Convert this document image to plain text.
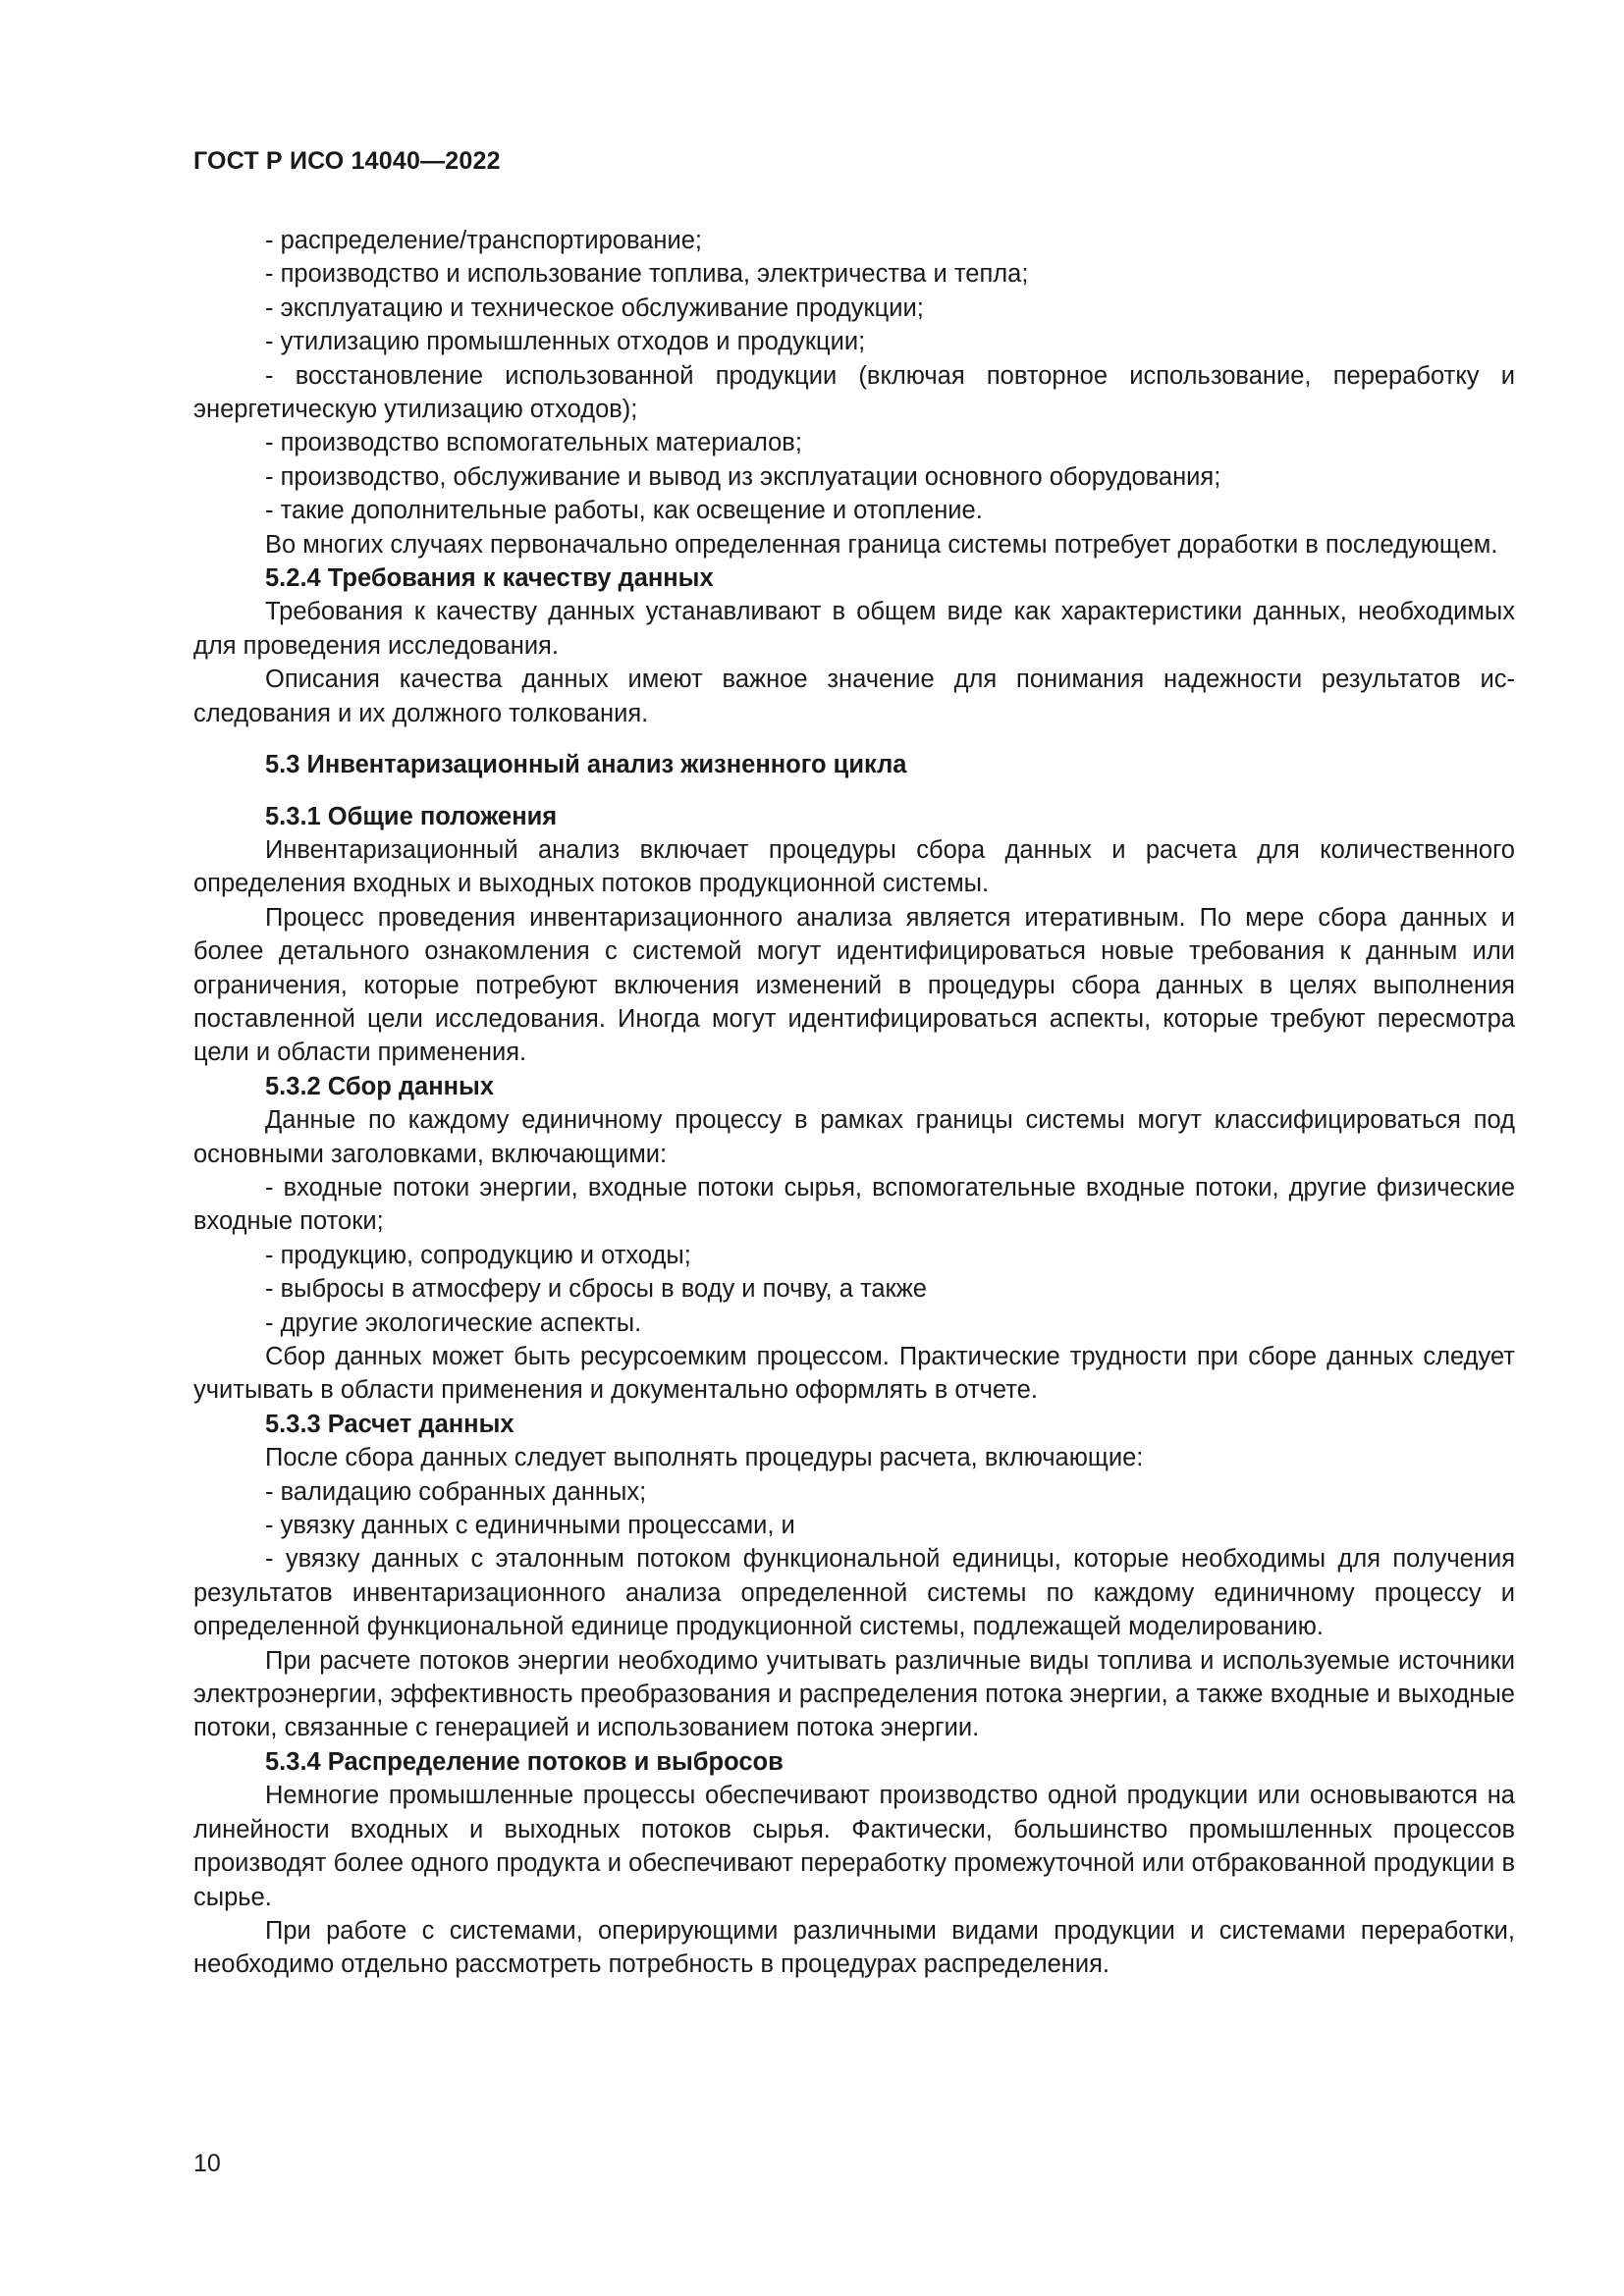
ГОСТ Р ИСО 14040—2022

- распределение/транспортирование;

- производство и использование топлива, электричества и тепла;

- эксплуатацию и техническое обслуживание продукции;

- утилизацию промышленных отходов и продукции;

- восстановление использованной продукции (включая повторное использование, переработку и энергетическую утилизацию отходов);

- производство вспомогательных материалов;

- производство, обслуживание и вывод из эксплуатации основного оборудования;

- такие дополнительные работы, как освещение и отопление.

Во многих случаях первоначально определенная граница системы потребует доработки в последующем.

5.2.4 Требования к качеству данных

Требования к качеству данных устанавливают в общем виде как характеристики данных, необходимых для проведения исследования.

Описания качества данных имеют важное значение для понимания надежности результатов исследования и их должного толкования.

5.3 Инвентаризационный анализ жизненного цикла

5.3.1 Общие положения

Инвентаризационный анализ включает процедуры сбора данных и расчета для количественного определения входных и выходных потоков продукционной системы.

Процесс проведения инвентаризационного анализа является итеративным. По мере сбора данных и более детального ознакомления с системой могут идентифицироваться новые требования к данным или ограничения, которые потребуют включения изменений в процедуры сбора данных в целях выполнения поставленной цели исследования. Иногда могут идентифицироваться аспекты, которые требуют пересмотра цели и области применения.

5.3.2 Сбор данных

Данные по каждому единичному процессу в рамках границы системы могут классифицироваться под основными заголовками, включающими:

- входные потоки энергии, входные потоки сырья, вспомогательные входные потоки, другие физические входные потоки;

- продукцию, сопродукцию и отходы;

- выбросы в атмосферу и сбросы в воду и почву, а также

- другие экологические аспекты.

Сбор данных может быть ресурсоемким процессом. Практические трудности при сборе данных следует учитывать в области применения и документально оформлять в отчете.

5.3.3 Расчет данных

После сбора данных следует выполнять процедуры расчета, включающие:

- валидацию собранных данных;

- увязку данных с единичными процессами, и

- увязку данных с эталонным потоком функциональной единицы, которые необходимы для получения результатов инвентаризационного анализа определенной системы по каждому единичному процессу и определенной функциональной единице продукционной системы, подлежащей моделированию.

При расчете потоков энергии необходимо учитывать различные виды топлива и используемые источники электроэнергии, эффективность преобразования и распределения потока энергии, а также входные и выходные потоки, связанные с генерацией и использованием потока энергии.

5.3.4 Распределение потоков и выбросов

Немногие промышленные процессы обеспечивают производство одной продукции или основываются на линейности входных и выходных потоков сырья. Фактически, большинство промышленных процессов производят более одного продукта и обеспечивают переработку промежуточной или отбракованной продукции в сырье.

При работе с системами, оперирующими различными видами продукции и системами переработки, необходимо отдельно рассмотреть потребность в процедурах распределения.

10
